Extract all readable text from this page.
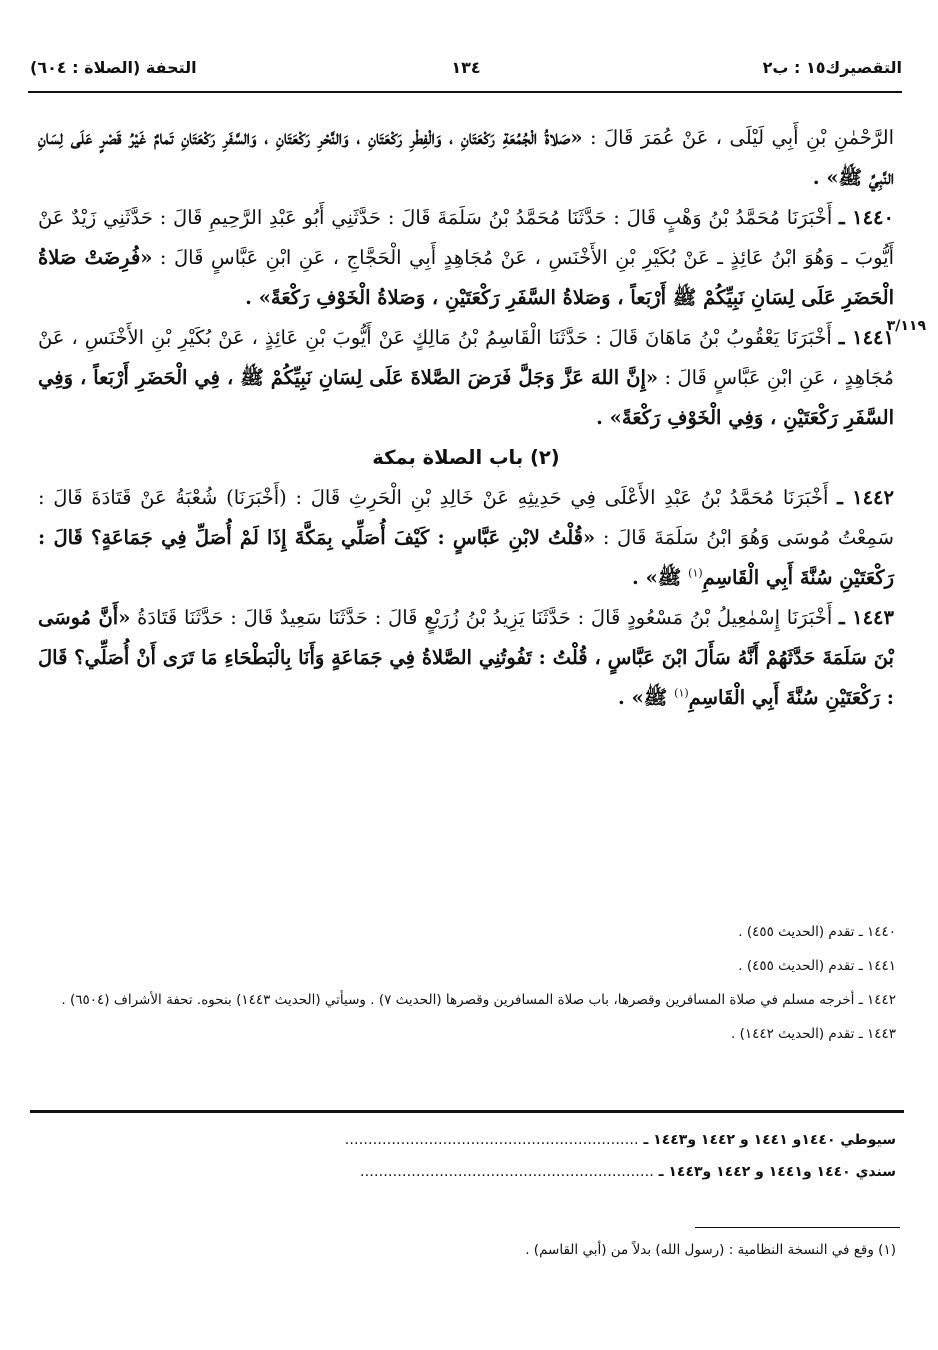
التقصيرك١٥ : ب٢
١٣٤
التحفة (الصلاة : ٦٠٤)
٣/١١٩

الرَّحْمٰنِ بْنِ أَبِي لَيْلَى ، عَنْ عُمَرَ قَالَ : «صَلاةُ الْجُمُعَةِ رَكْعَتَانِ ، وَالْفِطْرِ رَكْعَتَانِ ، وَالنَّحْرِ رَكْعَتَانِ ، وَالسَّفَرِ رَكْعَتَانِ تَمامٌ غَيْرُ قَصْرٍ عَلَى لِسَانِ النَّبِيِّ ﷺ» .

١٤٤٠ ـ أَخْبَرَنَا مُحَمَّدُ بْنُ وَهْبٍ قَالَ : حَدَّثَنَا مُحَمَّدُ بْنُ سَلَمَةَ قَالَ : حَدَّثَنِي أَبُو عَبْدِ الرَّحِيمِ قَالَ : حَدَّثَنِي زَيْدٌ عَنْ أَيُّوبَ ـ وَهُوَ ابْنُ عَائِذٍ ـ عَنْ بُكَيْرِ بْنِ الأَخْنَسِ ، عَنْ مُجَاهِدٍ أَبِي الْحَجَّاجِ ، عَنِ ابْنِ عَبَّاسٍ قَالَ : «فُرِضَتْ صَلاةُ الْحَضَرِ عَلَى لِسَانِ نَبِيِّكُمْ ﷺ أَرْبَعاً ، وَصَلاةُ السَّفَرِ رَكْعَتَيْنِ ، وَصَلاةُ الْخَوْفِ رَكْعَةً» .

١٤٤١ ـ أَخْبَرَنَا يَعْقُوبُ بْنُ مَاهَانَ قَالَ : حَدَّثَنَا الْقَاسِمُ بْنُ مَالِكٍ عَنْ أَيُّوبَ بْنِ عَائِذٍ ، عَنْ بُكَيْرِ بْنِ الأَخْنَسِ ، عَنْ مُجَاهِدٍ ، عَنِ ابْنِ عَبَّاسٍ قَالَ : «إِنَّ اللهَ عَزَّ وَجَلَّ فَرَضَ الصَّلاةَ عَلَى لِسَانِ نَبِيِّكُمْ ﷺ ، فِي الْحَضَرِ أَرْبَعاً ، وَفِي السَّفَرِ رَكْعَتَيْنِ ، وَفِي الْخَوْفِ رَكْعَةً» .

(٢) باب الصلاة بمكة

١٤٤٢ ـ أَخْبَرَنَا مُحَمَّدُ بْنُ عَبْدِ الأَعْلَى فِي حَدِيثِهِ عَنْ خَالِدِ بْنِ الْحَرِثِ قَالَ : (أَخْبَرَنَا) شُعْبَةُ عَنْ قَتَادَةَ قَالَ : سَمِعْتُ مُوسَى وَهُوَ ابْنُ سَلَمَةَ قَالَ : «قُلْتُ لابْنِ عَبَّاسٍ : كَيْفَ أُصَلِّي بِمَكَّةَ إِذَا لَمْ أُصَلِّ فِي جَمَاعَةٍ؟ قَالَ : رَكْعَتَيْنِ سُنَّةَ أَبِي الْقَاسِمِ$^{(١)}$ ﷺ» .

١٤٤٣ ـ أَخْبَرَنَا إِسْمٰعِيلُ بْنُ مَسْعُودٍ قَالَ : حَدَّثَنَا يَزِيدُ بْنُ زُرَيْعٍ قَالَ : حَدَّثَنَا سَعِيدٌ قَالَ : حَدَّثَنَا قَتَادَةُ «أَنَّ مُوسَى بْنَ سَلَمَةَ حَدَّثَهُمْ أَنَّهُ سَأَلَ ابْنَ عَبَّاسٍ ، قُلْتُ : تَفُوتُنِي الصَّلاةُ فِي جَمَاعَةٍ وَأَنَا بِالْبَطْحَاءِ مَا تَرَى أَنْ أُصَلِّي؟ قَالَ : رَكْعَتَيْنِ سُنَّةَ أَبِي الْقَاسِمِ$^{(١)}$ ﷺ» .

١٤٤٠ ـ تقدم (الحديث ٤٥٥) .

١٤٤١ ـ تقدم (الحديث ٤٥٥) .

١٤٤٢ ـ أخرجه مسلم في صلاة المسافرين وقصرها، باب صلاة المسافرين وقصرها (الحديث ٧) . وسيأتي (الحديث ١٤٤٣) بنحوه. تحفة الأشراف (٦٥٠٤) .

١٤٤٣ ـ تقدم (الحديث ١٤٤٢) .

سيوطي ١٤٤٠و ١٤٤١ و ١٤٤٢ و١٤٤٣ ـ ………………………………………………………

سندي ١٤٤٠ و١٤٤١ و ١٤٤٢ و١٤٤٣ ـ ………………………………………………………

(١) وقع في النسخة النظامية : (رسول الله) بدلاً من (أبي القاسم) .
